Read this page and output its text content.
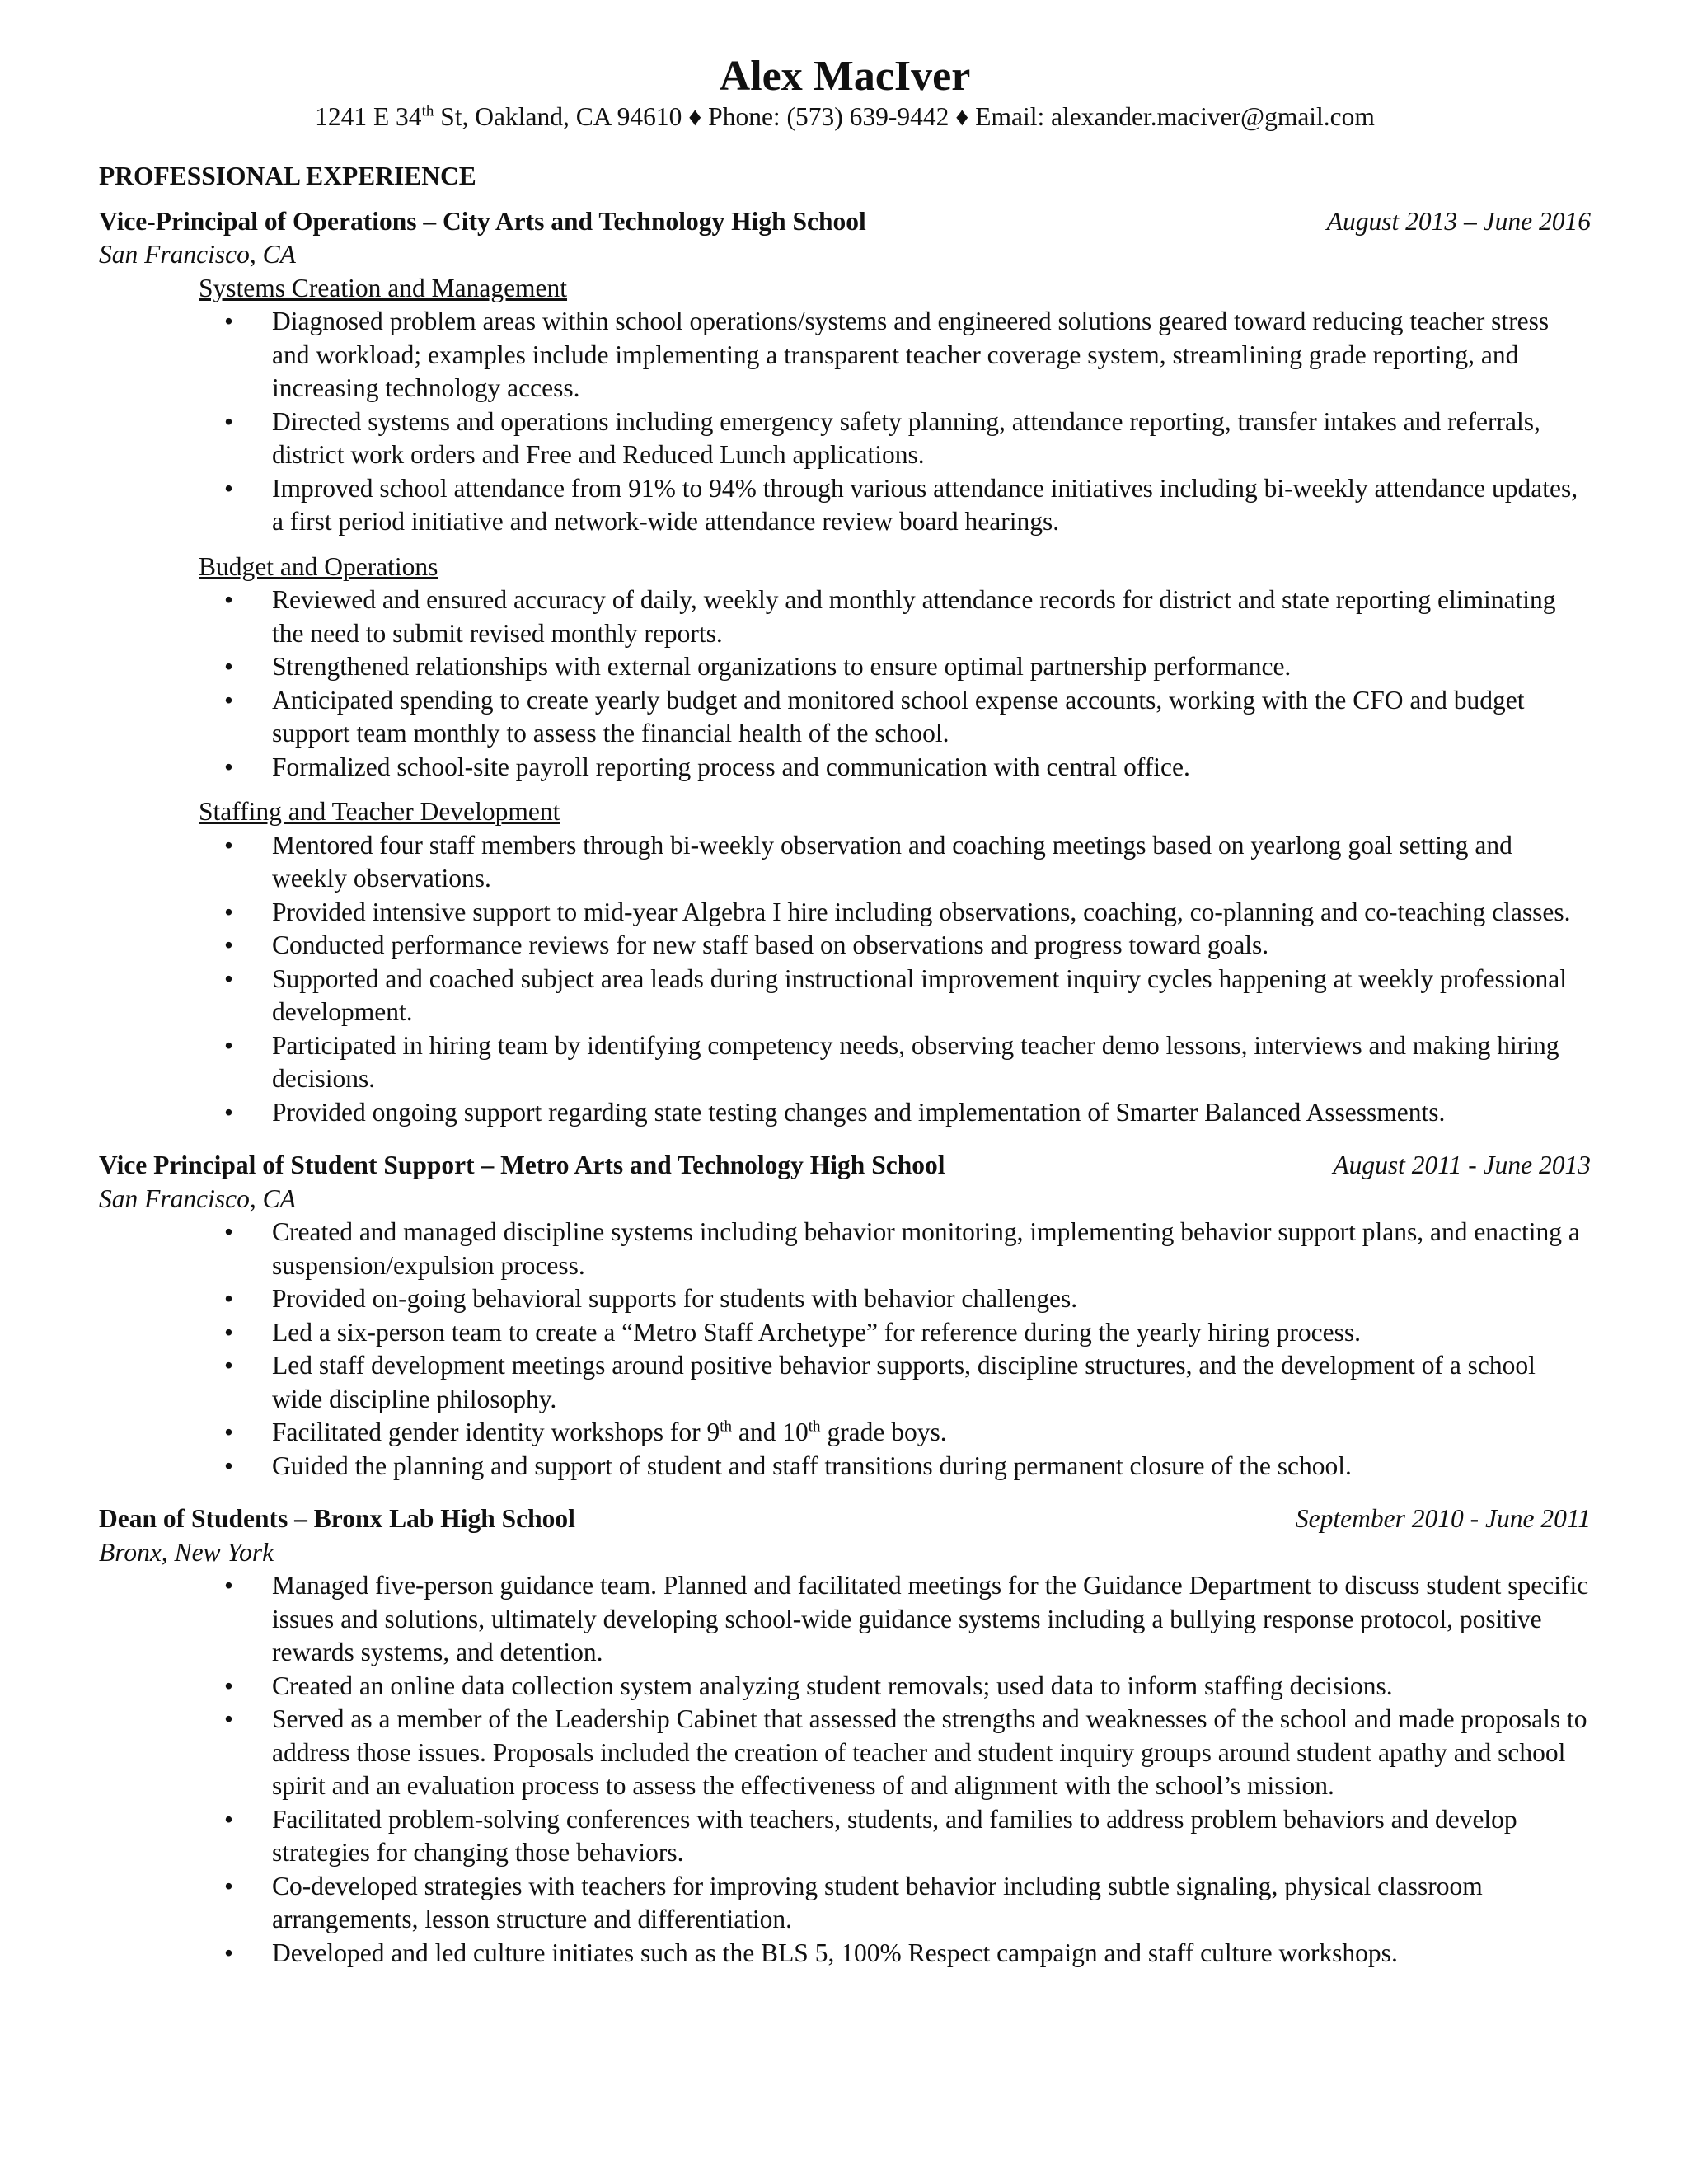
Alex MacIver

1241 E 34th St, Oakland, CA 94610 ♦ Phone: (573) 639-9442 ♦ Email: alexander.maciver@gmail.com

PROFESSIONAL EXPERIENCE
Vice-Principal of Operations – City Arts and Technology High School	August 2013 – June 2016
San Francisco, CA
Systems Creation and Management
• Diagnosed problem areas within school operations/systems and engineered solutions geared toward reducing teacher stress and workload; examples include implementing a transparent teacher coverage system, streamlining grade reporting, and increasing technology access.
• Directed systems and operations including emergency safety planning, attendance reporting, transfer intakes and referrals, district work orders and Free and Reduced Lunch applications.
• Improved school attendance from 91% to 94% through various attendance initiatives including bi-weekly attendance updates, a first period initiative and network-wide attendance review board hearings.
Budget and Operations
• Reviewed and ensured accuracy of daily, weekly and monthly attendance records for district and state reporting eliminating the need to submit revised monthly reports.
• Strengthened relationships with external organizations to ensure optimal partnership performance.
• Anticipated spending to create yearly budget and monitored school expense accounts, working with the CFO and budget support team monthly to assess the financial health of the school.
• Formalized school-site payroll reporting process and communication with central office.
Staffing and Teacher Development
• Mentored four staff members through bi-weekly observation and coaching meetings based on yearlong goal setting and weekly observations.
• Provided intensive support to mid-year Algebra I hire including observations, coaching, co-planning and co-teaching classes.
• Conducted performance reviews for new staff based on observations and progress toward goals.
• Supported and coached subject area leads during instructional improvement inquiry cycles happening at weekly professional development.
• Participated in hiring team by identifying competency needs, observing teacher demo lessons, interviews and making hiring decisions.
• Provided ongoing support regarding state testing changes and implementation of Smarter Balanced Assessments.
Vice Principal of Student Support – Metro Arts and Technology High School	August 2011 - June 2013
San Francisco, CA
• Created and managed discipline systems including behavior monitoring, implementing behavior support plans, and enacting a suspension/expulsion process.
• Provided on-going behavioral supports for students with behavior challenges.
• Led a six-person team to create a “Metro Staff Archetype” for reference during the yearly hiring process.
• Led staff development meetings around positive behavior supports, discipline structures, and the development of a school wide discipline philosophy.
• Facilitated gender identity workshops for 9th and 10th grade boys.
• Guided the planning and support of student and staff transitions during permanent closure of the school.
Dean of Students – Bronx Lab High School	September 2010 - June 2011
Bronx, New York
• Managed five-person guidance team. Planned and facilitated meetings for the Guidance Department to discuss student specific issues and solutions, ultimately developing school-wide guidance systems including a bullying response protocol, positive rewards systems, and detention.
• Created an online data collection system analyzing student removals; used data to inform staffing decisions.
• Served as a member of the Leadership Cabinet that assessed the strengths and weaknesses of the school and made proposals to address those issues. Proposals included the creation of teacher and student inquiry groups around student apathy and school spirit and an evaluation process to assess the effectiveness of and alignment with the school’s mission.
• Facilitated problem-solving conferences with teachers, students, and families to address problem behaviors and develop strategies for changing those behaviors.
• Co-developed strategies with teachers for improving student behavior including subtle signaling, physical classroom arrangements, lesson structure and differentiation.
• Developed and led culture initiates such as the BLS 5, 100% Respect campaign and staff culture workshops.
